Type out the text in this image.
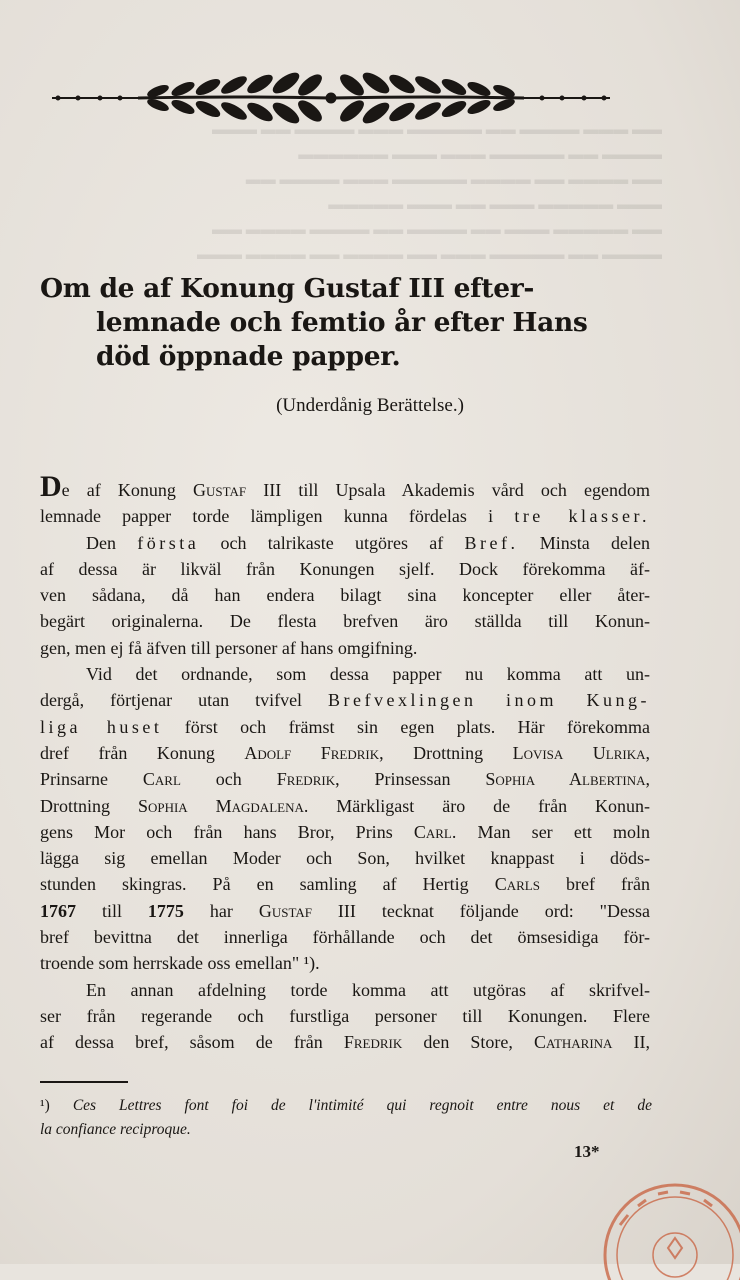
▬▬ ▬▬▬ ▬▬▬▬ ▬▬ ▬▬▬▬▬ ▬▬▬ ▬▬▬▬ ▬▬ ▬▬▬
▬▬▬▬ ▬▬ ▬▬▬▬▬ ▬▬▬ ▬▬▬ ▬▬▬▬▬▬
▬▬ ▬▬▬▬ ▬▬ ▬▬▬▬ ▬▬▬▬▬ ▬▬▬ ▬▬▬▬ ▬▬
▬▬▬ ▬▬▬▬▬ ▬▬▬ ▬▬ ▬▬▬ ▬▬▬▬▬
▬▬ ▬▬▬▬▬ ▬▬▬ ▬▬ ▬▬▬▬ ▬▬ ▬▬▬▬ ▬▬▬▬ ▬▬
▬▬▬▬ ▬▬ ▬▬▬▬▬ ▬▬▬ ▬▬ ▬▬▬▬ ▬▬ ▬▬▬▬ ▬▬▬
Om de af Konung Gustaf III efter-
lemnade och femtio år efter Hans
död öppnade papper.
(Underdånig Berättelse.)
De af Konung Gustaf III till Upsala Akademis vård och egendom
lemnade papper torde lämpligen kunna fördelas i tre klasser.
Den första och talrikaste utgöres af Bref. Minsta delen
af dessa är likväl från Konungen sjelf. Dock förekomma äf-
ven sådana, då han endera bilagt sina koncepter eller åter-
begärt originalerna. De flesta brefven äro ställda till Konun-
gen, men ej få äfven till personer af hans omgifning.
Vid det ordnande, som dessa papper nu komma att un-
dergå, förtjenar utan tvifvel Brefvexlingen inom Kung-
liga huset först och främst sin egen plats. Här förekomma
dref från Konung Adolf Fredrik, Drottning Lovisa Ulrika,
Prinsarne Carl och Fredrik, Prinsessan Sophia Albertina,
Drottning Sophia Magdalena. Märkligast äro de från Konun-
gens Mor och från hans Bror, Prins Carl. Man ser ett moln
lägga sig emellan Moder och Son, hvilket knappast i döds-
stunden skingras. På en samling af Hertig Carls bref från
1767 till 1775 har Gustaf III tecknat följande ord: "Dessa
bref bevittna det innerliga förhållande och det ömsesidiga för-
troende som herrskade oss emellan" ¹).
En annan afdelning torde komma att utgöras af skrifvel-
ser från regerande och furstliga personer till Konungen. Flere
af dessa bref, såsom de från Fredrik den Store, Catharina II,
¹) Ces Lettres font foi de l'intimité qui regnoit entre nous et de
la confiance reciproque.
13*
